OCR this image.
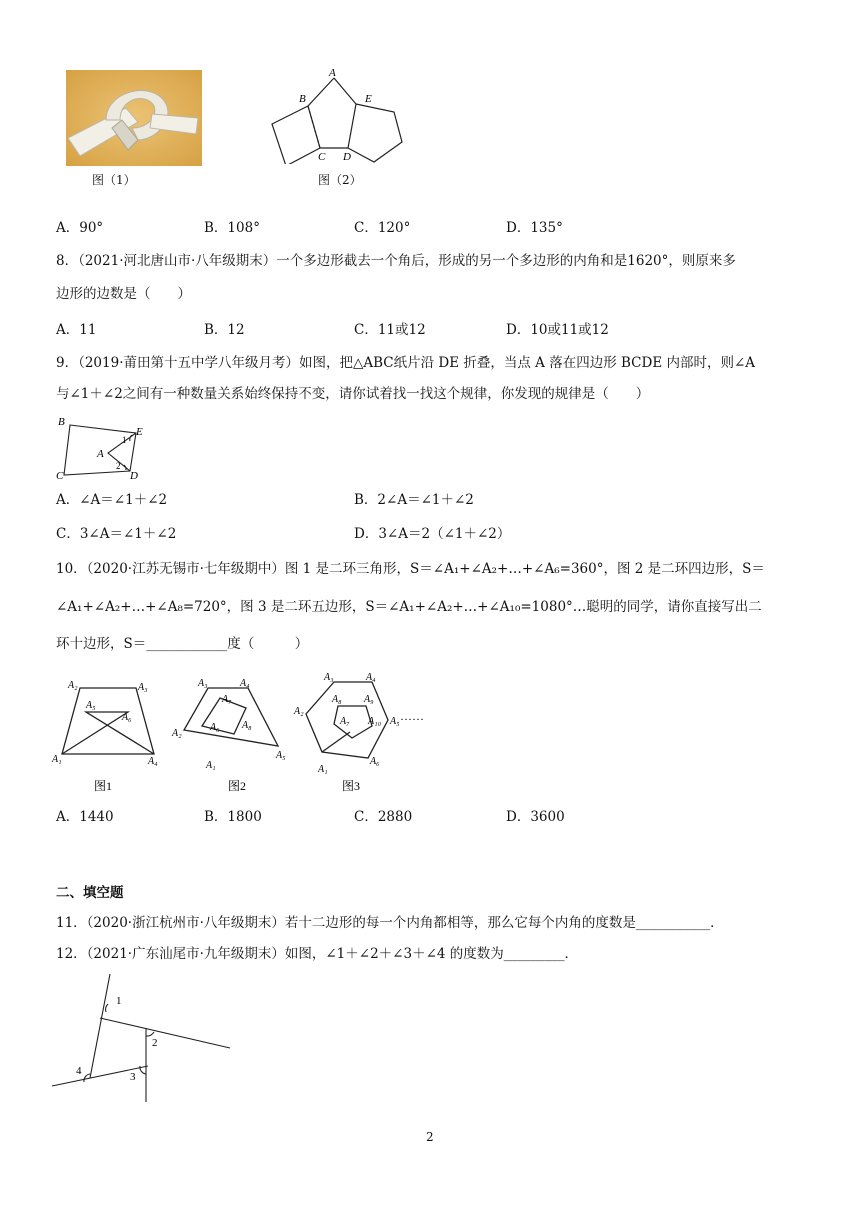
图（1）
A
B	E
C D
图（2）
A．90°	B．108°	C．120°	D．135°
8．（2021·河北唐山市·八年级期末）一个多边形截去一个角后，形成的另一个多边形的内角和是1620°，则原来多
边形的边数是（　　）
A．11	B．12	C．11或12	D．10或11或12
9．（2019·莆田第十五中学八年级月考）如图，把△ABC纸片沿 DE 折叠，当点 A 落在四边形 BCDE 内部时，则∠A
与∠1＋∠2之间有一种数量关系始终保持不变，请你试着找一找这个规律，你发现的规律是（　　）
B
E
A
C	D
1
2
A．∠A＝∠1＋∠2	B．2∠A＝∠1＋∠2
C．3∠A＝∠1＋∠2	D．3∠A＝2（∠1＋∠2）
10．（2020·江苏无锡市·七年级期中）图 1 是二环三角形，S＝∠A₁+∠A₂+…+∠A₆=360°，图 2 是二环四边形，S＝
∠A₁+∠A₂+…+∠A₈=720°，图 3 是二环五边形，S＝∠A₁+∠A₂+…+∠A₁₀=1080°…聪明的同学，请你直接写出二
环十边形，S＝____________度（　　　）
A₂	A₃
A₅
A₆
A₁	A₄
A₃	A₄
A₇
A₈
A₆
A₂
A₅
A₁
A₃	A₄
A₈ A₉
A₂
A₇ A₁₀ A₅
A₆
A₁
……
图1	图2	图3
A．1440	B．1800	C．2880	D．3600
二、填空题
11．（2020·浙江杭州市·八年级期末）若十二边形的每一个内角都相等，那么它每个内角的度数是___________．
12．（2021·广东汕尾市·九年级期末）如图，∠1＋∠2＋∠3＋∠4 的度数为_________．
1
2
3
4
2
